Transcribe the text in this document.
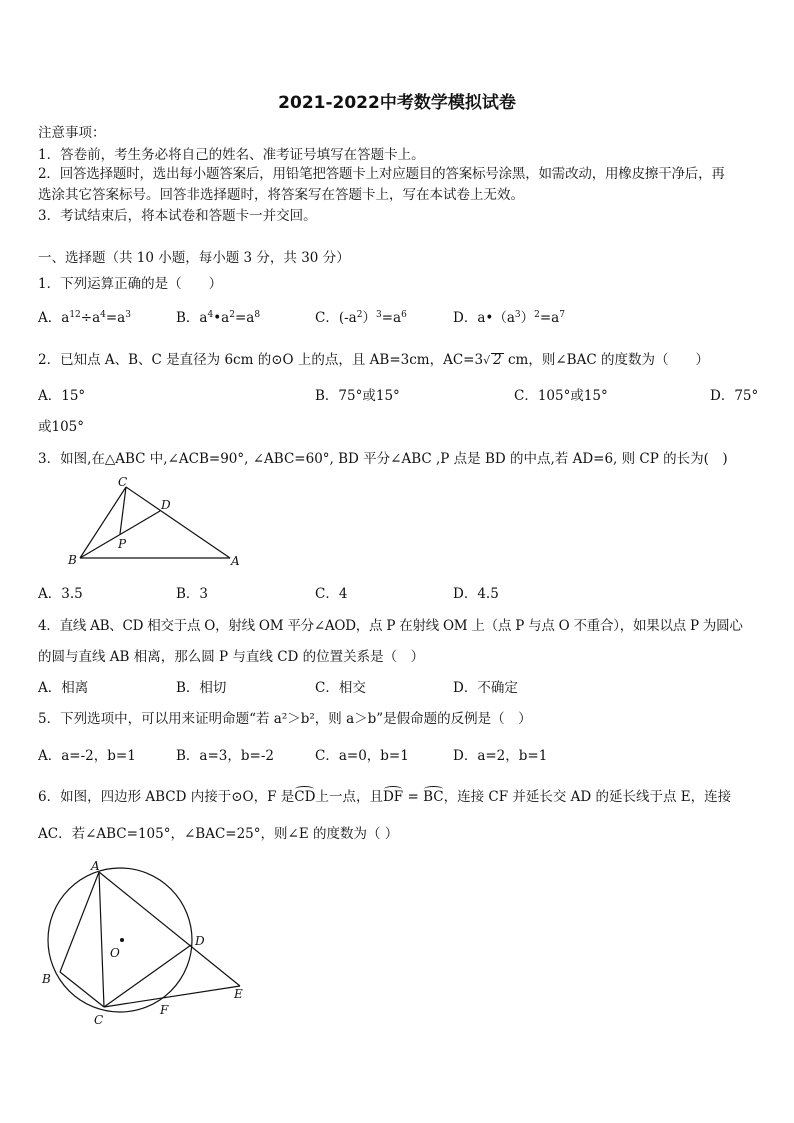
2021-2022中考数学模拟试卷
注意事项：
1．答卷前，考生务必将自己的姓名、准考证号填写在答题卡上。
2．回答选择题时，选出每小题答案后，用铅笔把答题卡上对应题目的答案标号涂黑，如需改动，用橡皮擦干净后，再
选涂其它答案标号。回答非选择题时，将答案写在答题卡上，写在本试卷上无效。
3．考试结束后，将本试卷和答题卡一并交回。
一、选择题（共 10 小题，每小题 3 分，共 30 分）
1．下列运算正确的是（　　）
A．$a^{12}\div a^4=a^3$	B．$a^4•a^2=a^8$	C．$(-a^2)^3=a^6$	D．$a•(a^3)^2=a^7$
2．已知点 A、B、C 是直径为 6cm 的⊙O 上的点，且 AB=3cm，AC=3√ 2 cm，则∠BAC 的度数为（　　）
A．15°	B．75°或15°	C．105°或15°	D．75°
或105°
3．如图,在△ABC 中,∠ACB=90°, ∠ABC=60°, BD 平分∠ABC ,P 点是 BD 的中点,若 AD=6, 则 CP 的长为(　)
C
D
P
B	A
A．3.5	B．3	C．4	D．4.5
4．直线 AB、CD 相交于点 O，射线 OM 平分∠AOD，点 P 在射线 OM 上（点 P 与点 O 不重合），如果以点 P 为圆心
的圆与直线 AB 相离，那么圆 P 与直线 CD 的位置关系是（　）
A．相离	B．相切	C．相交	D．不确定
5．下列选项中，可以用来证明命题“若 a²＞b²，则 a＞b”是假命题的反例是（　）
A．a=-2，b=1	B．a=3，b=-2	C．a=0，b=1	D．a=2，b=1
6．如图，四边形 ABCD 内接于⊙O，F 是CD上一点，且DF = BC，连接 CF 并延长交 AD 的延长线于点 E，连接
AC．若∠ABC=105°，∠BAC=25°，则∠E 的度数为（ ）
A
O
D
B
E
C
F
